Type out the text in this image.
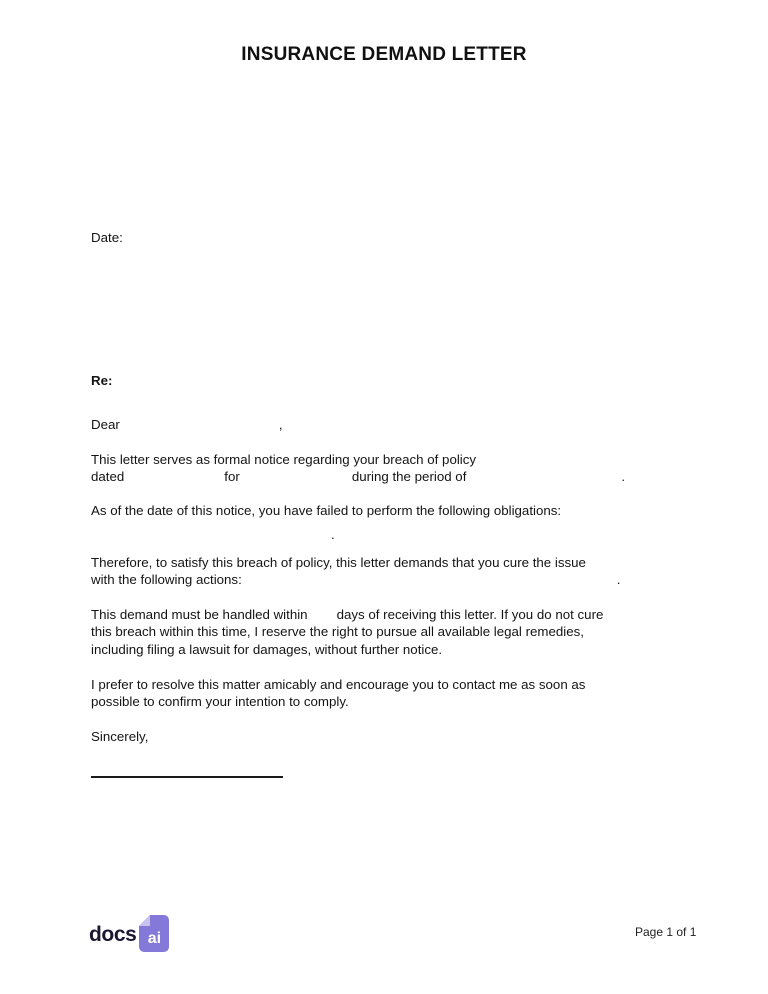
INSURANCE DEMAND LETTER
Date:
Re:
Dear	,
This letter serves as formal notice regarding your breach of policy
dated	for	during the period of	.
As of the date of this notice, you have failed to perform the following obligations:
.
Therefore, to satisfy this breach of policy, this letter demands that you cure the issue
with the following actions:	.
This demand must be handled within days of receiving this letter. If you do not cure
this breach within this time, I reserve the right to pursue all available legal remedies,
including filing a lawsuit for damages, without further notice.
I prefer to resolve this matter amicably and encourage you to contact me as soon as
possible to confirm your intention to comply.
Sincerely,
docs ai	Page 1 of 1
